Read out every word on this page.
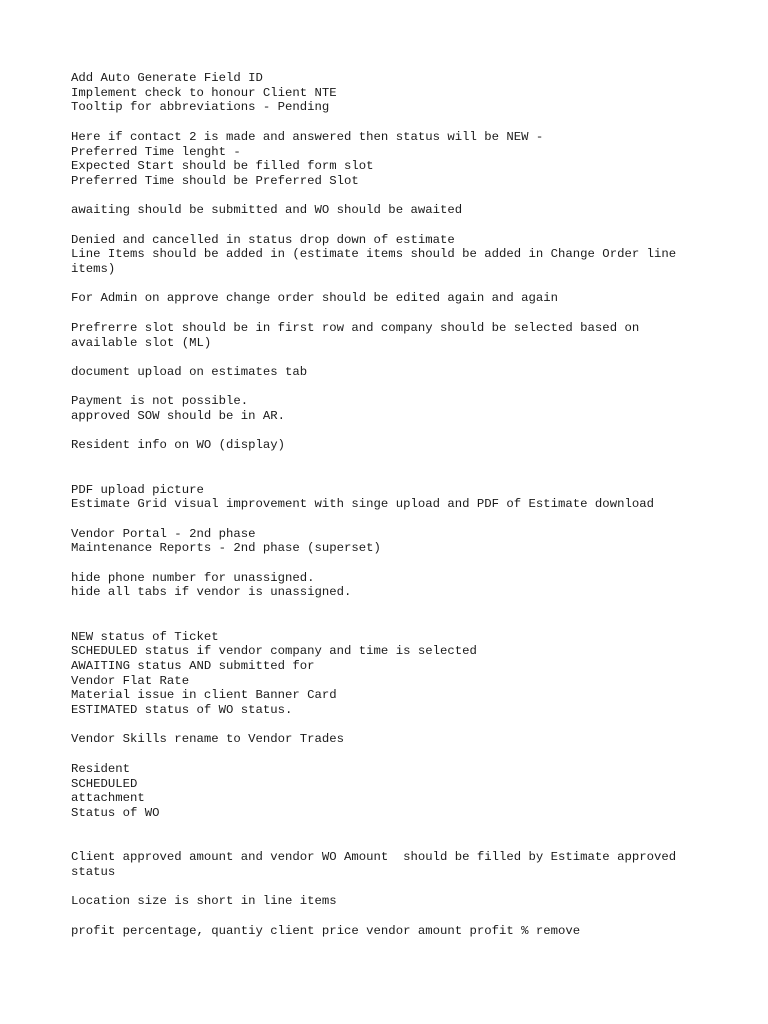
Add Auto Generate Field ID
Implement check to honour Client NTE
Tooltip for abbreviations - Pending
Here if contact 2 is made and answered then status will be NEW -
Preferred Time lenght -
Expected Start should be filled form slot
Preferred Time should be Preferred Slot
awaiting should be submitted and WO should be awaited
Denied and cancelled in status drop down of estimate
Line Items should be added in (estimate items should be added in Change Order line
items)
For Admin on approve change order should be edited again and again
Prefrerre slot should be in first row and company should be selected based on
available slot (ML)
document upload on estimates tab
Payment is not possible.
approved SOW should be in AR.
Resident info on WO (display)
PDF upload picture
Estimate Grid visual improvement with singe upload and PDF of Estimate download
Vendor Portal - 2nd phase
Maintenance Reports - 2nd phase (superset)
hide phone number for unassigned.
hide all tabs if vendor is unassigned.
NEW status of Ticket
SCHEDULED status if vendor company and time is selected
AWAITING status AND submitted for
Vendor Flat Rate
Material issue in client Banner Card
ESTIMATED status of WO status.
Vendor Skills rename to Vendor Trades
Resident
SCHEDULED
attachment
Status of WO
Client approved amount and vendor WO Amount  should be filled by Estimate approved
status
Location size is short in line items
profit percentage, quantiy client price vendor amount profit % remove
